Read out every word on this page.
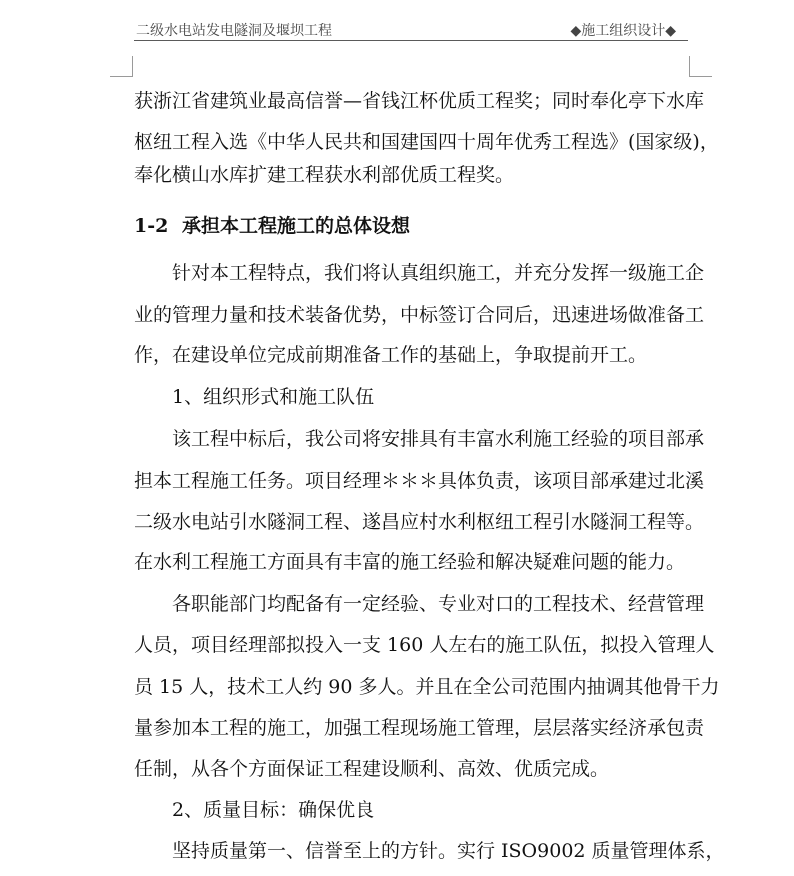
二级水电站发电隧洞及堰坝工程	◆施工组织设计◆
获浙江省建筑业最高信誉—省钱江杯优质工程奖；同时奉化亭下水库
枢纽工程入选《中华人民共和国建国四十周年优秀工程选》(国家级)，
奉化横山水库扩建工程获水利部优质工程奖。
1-2 承担本工程施工的总体设想
针对本工程特点，我们将认真组织施工，并充分发挥一级施工企
业的管理力量和技术装备优势，中标签订合同后，迅速进场做准备工
作，在建设单位完成前期准备工作的基础上，争取提前开工。
1、组织形式和施工队伍
该工程中标后，我公司将安排具有丰富水利施工经验的项目部承
担本工程施工任务。项目经理＊＊＊具体负责，该项目部承建过北溪
二级水电站引水隧洞工程、遂昌应村水利枢纽工程引水隧洞工程等。
在水利工程施工方面具有丰富的施工经验和解决疑难问题的能力。
各职能部门均配备有一定经验、专业对口的工程技术、经营管理
人员，项目经理部拟投入一支 160 人左右的施工队伍，拟投入管理人
员 15 人，技术工人约 90 多人。并且在全公司范围内抽调其他骨干力
量参加本工程的施工，加强工程现场施工管理，层层落实经济承包责
任制，从各个方面保证工程建设顺利、高效、优质完成。
2、质量目标：确保优良
坚持质量第一、信誉至上的方针。实行 ISO9002 质量管理体系，
